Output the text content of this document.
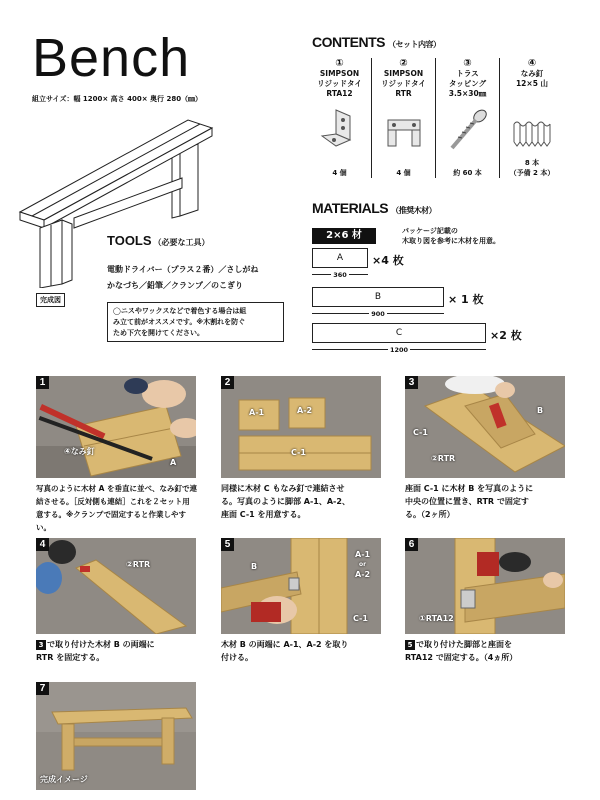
Bench
組立サイズ：幅 1200× 高さ 400× 奥行 280（㎜）
TOOLS （必要な工具）
電動ドライバー（プラス２番）／さしがね
かなづち／鉛筆／クランプ／のこぎり
完成図
◯ニスやワックスなどで着色する場合は組
み立て前がオススメです。※木割れを防ぐ
ため下穴を開けてください。
CONTENTS （セット内容）
①
SIMPSON
リジッドタイ
RTA12
4 個
②
SIMPSON
リジッドタイ
RTR
4 個
③
トラス
タッピング
3.5×30㎜
約 60 本
④
なみ釘
12×5 山
8 本
（予備 2 本）
MATERIALS （推奨木材）
2×6 材	パッケージ記載の
木取り図を参考に木材を用意。
A	×4 枚
360
B	× 1 枚
900
C	×2 枚
1200
1
④なみ釘
A
写真のように木材 A を垂直に並べ、なみ釘で連
結させる。［反対側も連結］これを２セット用
意する。※クランプで固定すると作業しやすい。
2
A-1	A-2
C-1
同様に木材 C もなみ釘で連結させ
る。写真のように脚部 A-1、A-2、
座面 C-1 を用意する。
3
C-1
B
②RTR
座面 C-1 に木材 B を写真のように
中央の位置に置き、RTR で固定す
る。（2ヶ所）
4
②RTR
3 で取り付けた木材 B の両端に
RTR を固定する。
5
B
A-1
or
A-2
C-1
木材 B の両端に A-1、A-2 を取り
付ける。
6
①RTA12
5 で取り付けた脚部と座面を
RTA12 で固定する。（4ヵ所）
7
完成イメージ
